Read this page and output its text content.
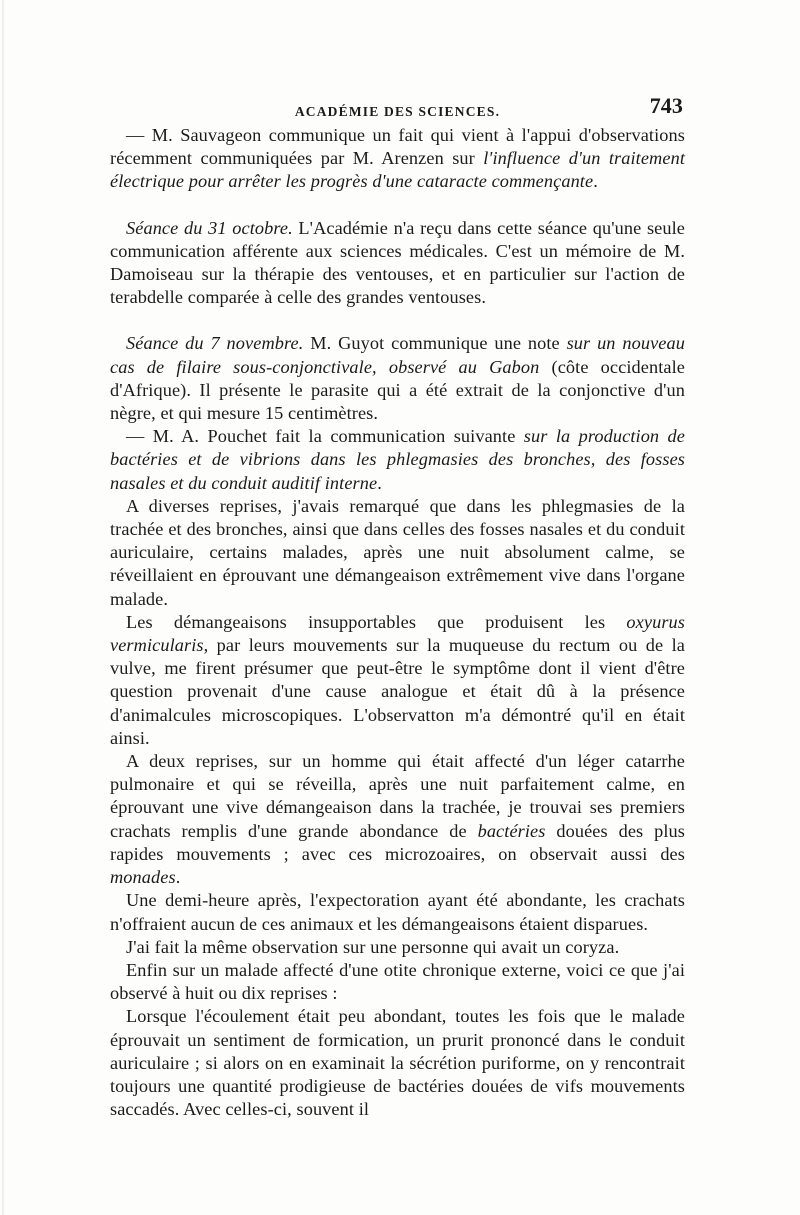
ACADÉMIE DES SCIENCES.	743

— M. Sauvageon communique un fait qui vient à l'appui d'observations récemment communiquées par M. Arenzen sur l'influence d'un traitement électrique pour arrêter les progrès d'une cataracte commençante.

Séance du 31 octobre. L'Académie n'a reçu dans cette séance qu'une seule communication afférente aux sciences médicales. C'est un mémoire de M. Damoiseau sur la thérapie des ventouses, et en particulier sur l'action de terabdelle comparée à celle des grandes ventouses.

Séance du 7 novembre. M. Guyot communique une note sur un nouveau cas de filaire sous-conjonctivale, observé au Gabon (côte occidentale d'Afrique). Il présente le parasite qui a été extrait de la conjonctive d'un nègre, et qui mesure 15 centimètres.

— M. A. Pouchet fait la communication suivante sur la production de bactéries et de vibrions dans les phlegmasies des bronches, des fosses nasales et du conduit auditif interne.

A diverses reprises, j'avais remarqué que dans les phlegmasies de la trachée et des bronches, ainsi que dans celles des fosses nasales et du conduit auriculaire, certains malades, après une nuit absolument calme, se réveillaient en éprouvant une démangeaison extrêmement vive dans l'organe malade.

Les démangeaisons insupportables que produisent les oxyurus vermicularis, par leurs mouvements sur la muqueuse du rectum ou de la vulve, me firent présumer que peut-être le symptôme dont il vient d'être question provenait d'une cause analogue et était dû à la présence d'animalcules microscopiques. L'observatton m'a démontré qu'il en était ainsi.

A deux reprises, sur un homme qui était affecté d'un léger catarrhe pulmonaire et qui se réveilla, après une nuit parfaitement calme, en éprouvant une vive démangeaison dans la trachée, je trouvai ses premiers crachats remplis d'une grande abondance de bactéries douées des plus rapides mouvements ; avec ces microzoaires, on observait aussi des monades.

Une demi-heure après, l'expectoration ayant été abondante, les crachats n'offraient aucun de ces animaux et les démangeaisons étaient disparues.

J'ai fait la même observation sur une personne qui avait un coryza.

Enfin sur un malade affecté d'une otite chronique externe, voici ce que j'ai observé à huit ou dix reprises :

Lorsque l'écoulement était peu abondant, toutes les fois que le malade éprouvait un sentiment de formication, un prurit prononcé dans le conduit auriculaire ; si alors on en examinait la sécrétion puriforme, on y rencontrait toujours une quantité prodigieuse de bactéries douées de vifs mouvements saccadés. Avec celles-ci, souvent il
